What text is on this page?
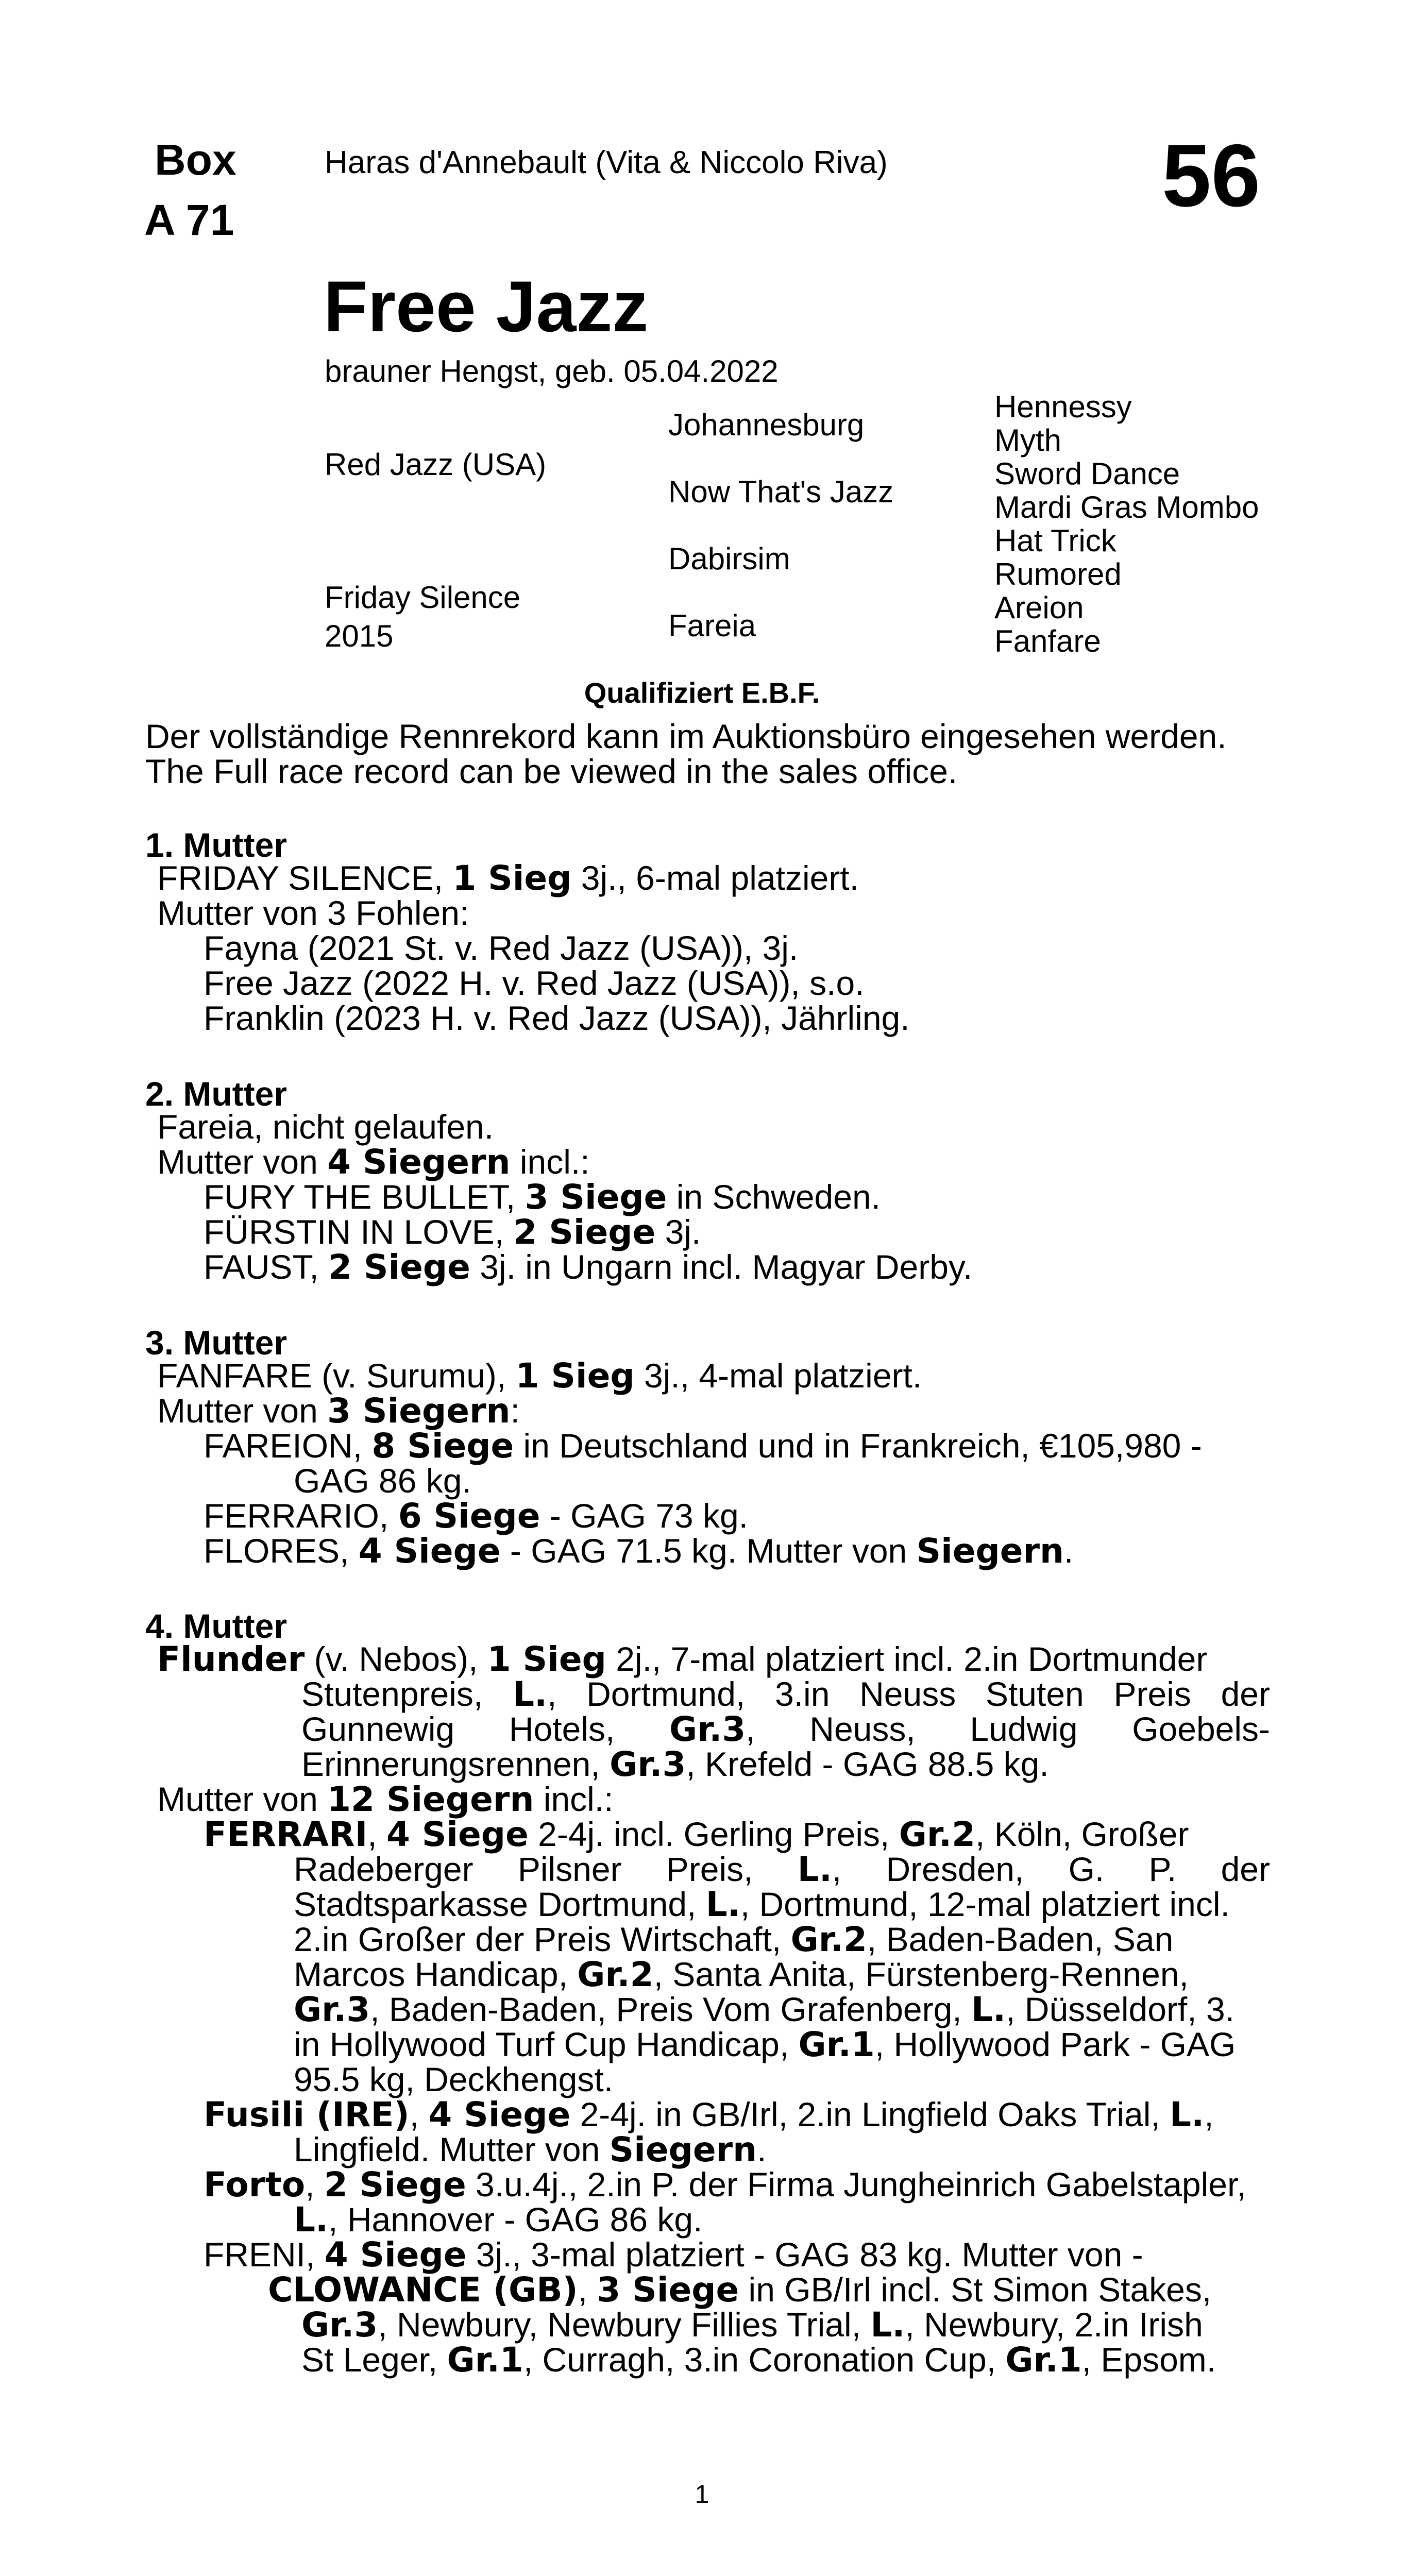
Box
A 71
Haras d'Annebault (Vita & Niccolo Riva)	56
Free Jazz
brauner Hengst, geb. 05.04.2022
Red Jazz (USA)
Friday Silence
2015
Johannesburg
Now That's Jazz
Dabirsim
Fareia
Hennessy
Myth
Sword Dance
Mardi Gras Mombo
Hat Trick
Rumored
Areion
Fanfare
Qualifiziert E.B.F.
Der vollständige Rennrekord kann im Auktionsbüro eingesehen werden.
The Full race record can be viewed in the sales office.
1. Mutter
FRIDAY SILENCE, 1 Sieg 3j., 6-mal platziert.
Mutter von 3 Fohlen:
Fayna (2021 St. v. Red Jazz (USA)), 3j.
Free Jazz (2022 H. v. Red Jazz (USA)), s.o.
Franklin (2023 H. v. Red Jazz (USA)), Jährling.
2. Mutter
Fareia, nicht gelaufen.
Mutter von 4 Siegern incl.:
FURY THE BULLET, 3 Siege in Schweden.
FÜRSTIN IN LOVE, 2 Siege 3j.
FAUST, 2 Siege 3j. in Ungarn incl. Magyar Derby.
3. Mutter
FANFARE (v. Surumu), 1 Sieg 3j., 4-mal platziert.
Mutter von 3 Siegern:
FAREION, 8 Siege in Deutschland und in Frankreich, €105,980 -
GAG 86 kg.
FERRARIO, 6 Siege - GAG 73 kg.
FLORES, 4 Siege - GAG 71.5 kg. Mutter von Siegern.
4. Mutter
Flunder (v. Nebos), 1 Sieg 2j., 7-mal platziert incl. 2.in Dortmunder
Stutenpreis, L., Dortmund, 3.in Neuss Stuten Preis der
Gunnewig Hotels, Gr.3, Neuss, Ludwig Goebels-
Erinnerungsrennen, Gr.3, Krefeld - GAG 88.5 kg.
Mutter von 12 Siegern incl.:
FERRARI, 4 Siege 2-4j. incl. Gerling Preis, Gr.2, Köln, Großer
Radeberger Pilsner Preis, L., Dresden, G. P. der
Stadtsparkasse Dortmund, L., Dortmund, 12-mal platziert incl.
2.in Großer der Preis Wirtschaft, Gr.2, Baden-Baden, San
Marcos Handicap, Gr.2, Santa Anita, Fürstenberg-Rennen,
Gr.3, Baden-Baden, Preis Vom Grafenberg, L., Düsseldorf, 3.
in Hollywood Turf Cup Handicap, Gr.1, Hollywood Park - GAG
95.5 kg, Deckhengst.
Fusili (IRE), 4 Siege 2-4j. in GB/Irl, 2.in Lingfield Oaks Trial, L.,
Lingfield. Mutter von Siegern.
Forto, 2 Siege 3.u.4j., 2.in P. der Firma Jungheinrich Gabelstapler,
L., Hannover - GAG 86 kg.
FRENI, 4 Siege 3j., 3-mal platziert - GAG 83 kg. Mutter von -
CLOWANCE (GB), 3 Siege in GB/Irl incl. St Simon Stakes,
Gr.3, Newbury, Newbury Fillies Trial, L., Newbury, 2.in Irish
St Leger, Gr.1, Curragh, 3.in Coronation Cup, Gr.1, Epsom.
1
